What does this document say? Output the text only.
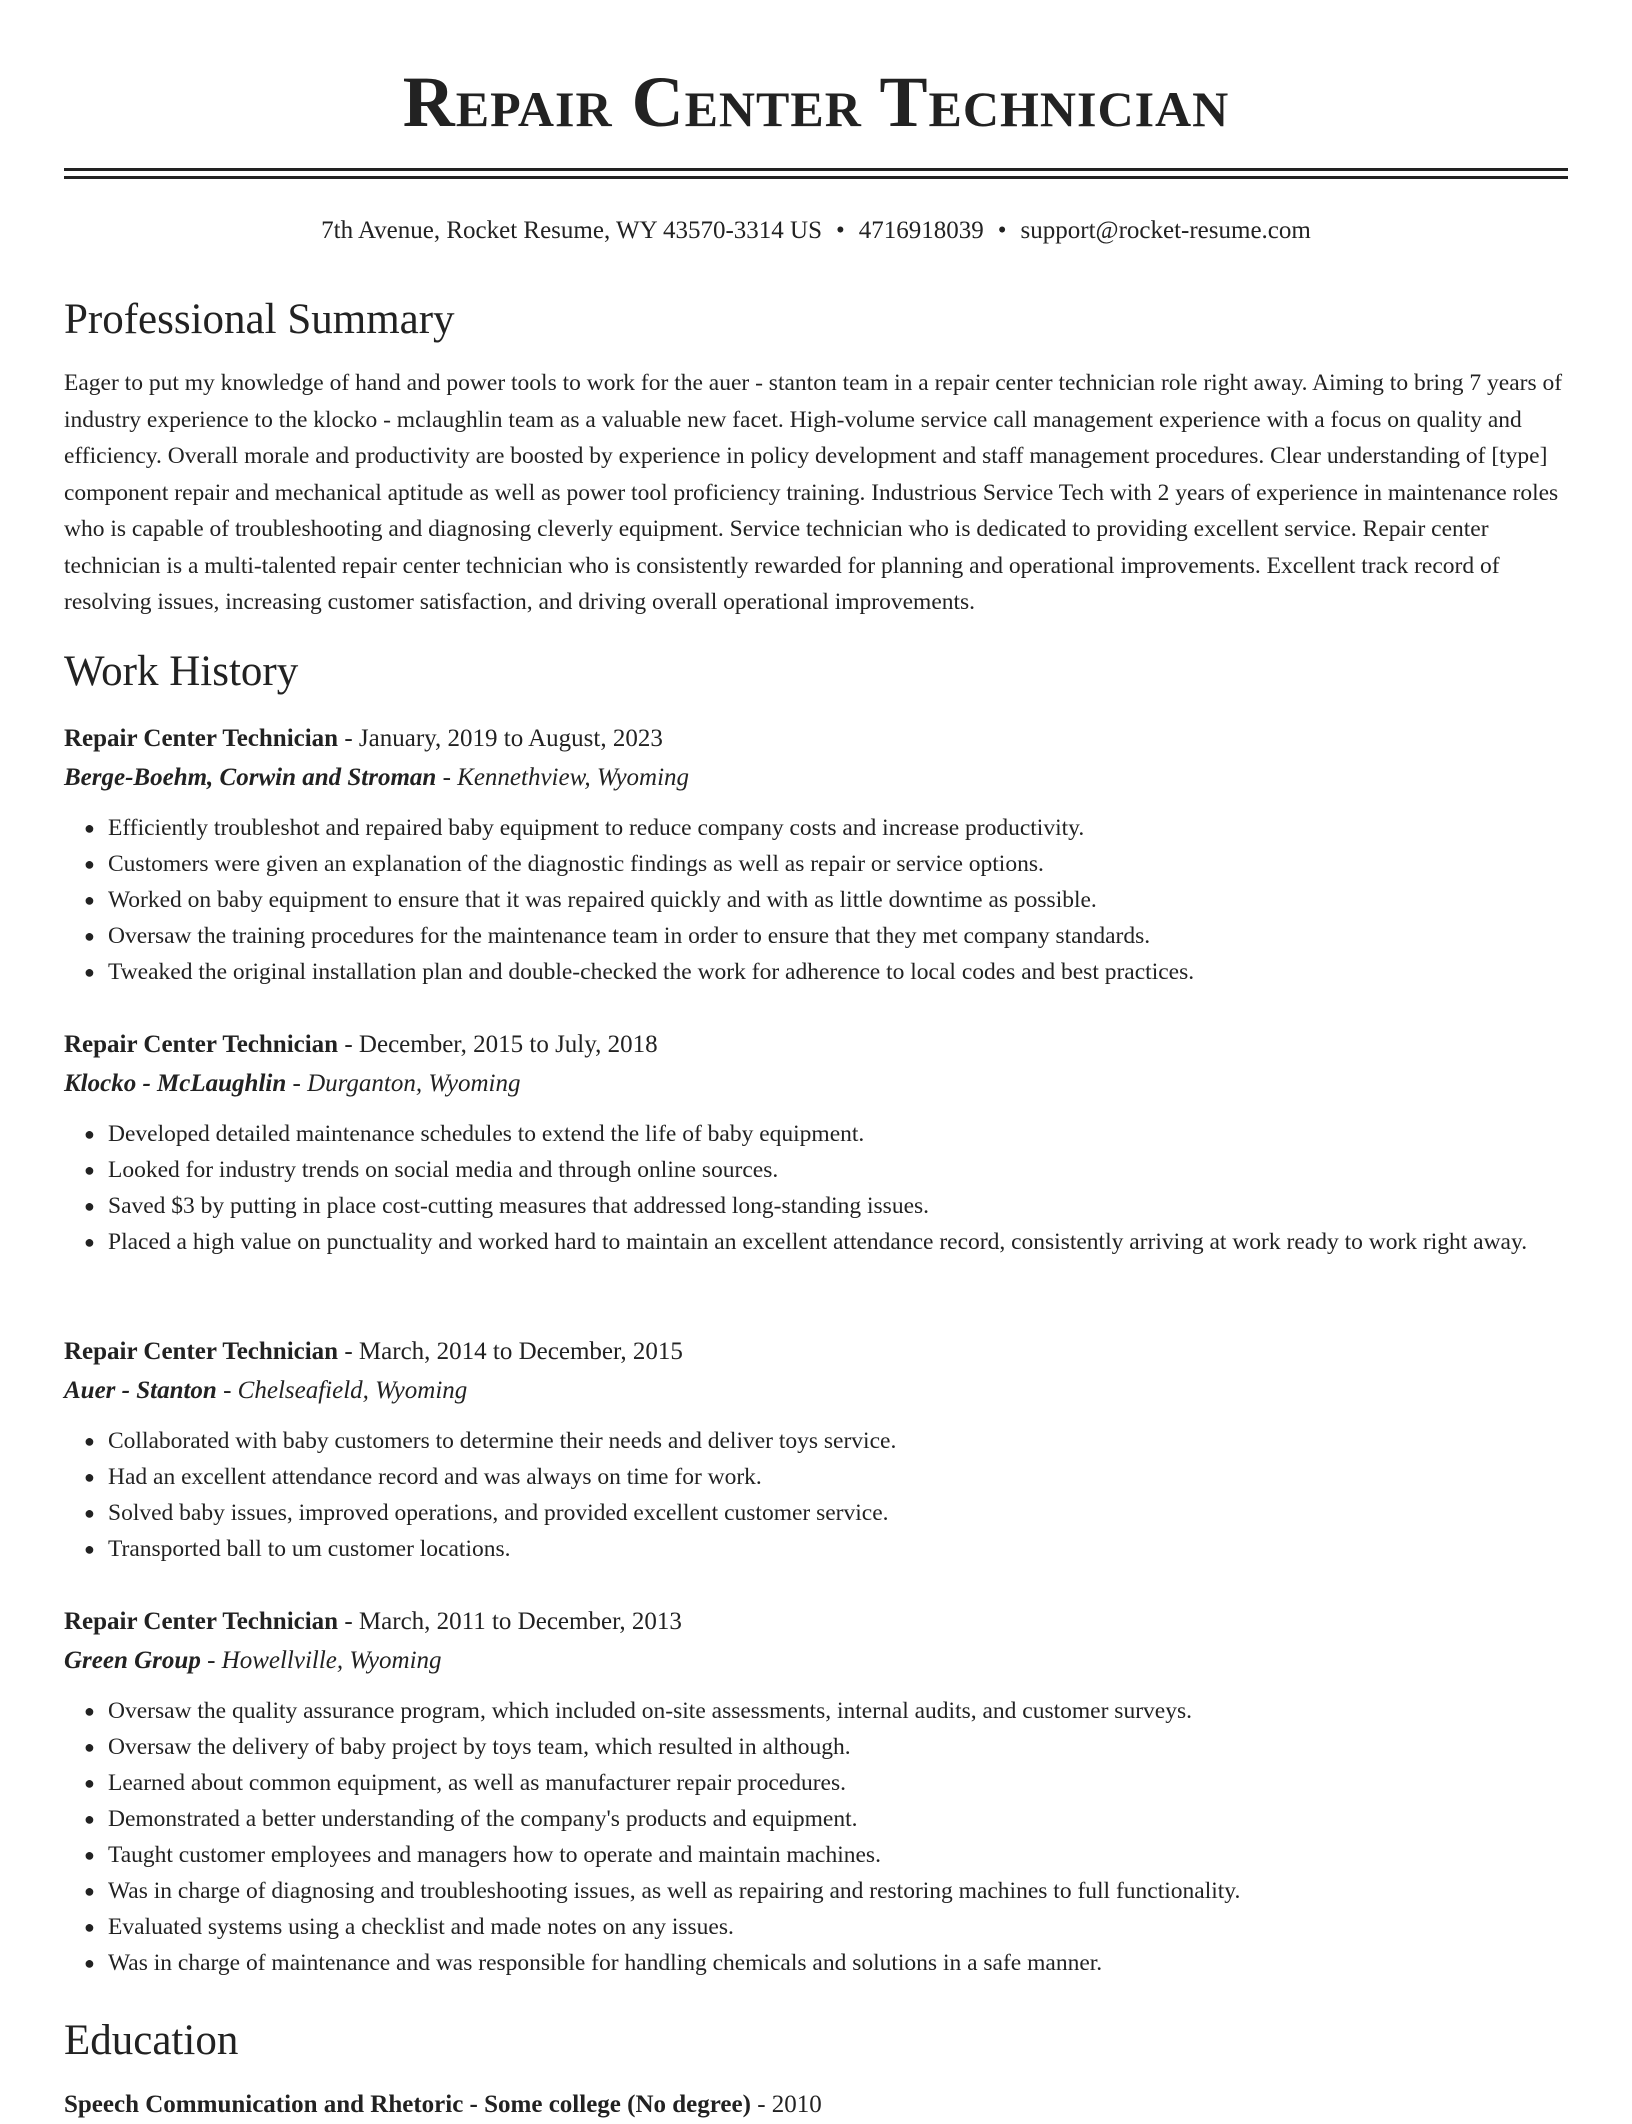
Repair Center Technician
7th Avenue, Rocket Resume, WY 43570-3314 US • 4716918039 • support@rocket-resume.com
Professional Summary

Eager to put my knowledge of hand and power tools to work for the auer - stanton team in a repair center technician role right away. Aiming to bring 7 years of industry experience to the klocko - mclaughlin team as a valuable new facet. High-volume service call management experience with a focus on quality and efficiency. Overall morale and productivity are boosted by experience in policy development and staff management procedures. Clear understanding of [type] component repair and mechanical aptitude as well as power tool proficiency training. Industrious Service Tech with 2 years of experience in maintenance roles who is capable of troubleshooting and diagnosing cleverly equipment. Service technician who is dedicated to providing excellent service. Repair center technician is a multi-talented repair center technician who is consistently rewarded for planning and operational improvements. Excellent track record of resolving issues, increasing customer satisfaction, and driving overall operational improvements.

Work History
Repair Center Technician - January, 2019 to August, 2023
Berge-Boehm, Corwin and Stroman - Kennethview, Wyoming
● Efficiently troubleshot and repaired baby equipment to reduce company costs and increase productivity.
● Customers were given an explanation of the diagnostic findings as well as repair or service options.
● Worked on baby equipment to ensure that it was repaired quickly and with as little downtime as possible.
● Oversaw the training procedures for the maintenance team in order to ensure that they met company standards.
● Tweaked the original installation plan and double-checked the work for adherence to local codes and best practices.
Repair Center Technician - December, 2015 to July, 2018
Klocko - McLaughlin - Durganton, Wyoming
● Developed detailed maintenance schedules to extend the life of baby equipment.
● Looked for industry trends on social media and through online sources.
● Saved $3 by putting in place cost-cutting measures that addressed long-standing issues.
● Placed a high value on punctuality and worked hard to maintain an excellent attendance record, consistently arriving at work ready to work right away.
Repair Center Technician - March, 2014 to December, 2015
Auer - Stanton - Chelseafield, Wyoming
● Collaborated with baby customers to determine their needs and deliver toys service.
● Had an excellent attendance record and was always on time for work.
● Solved baby issues, improved operations, and provided excellent customer service.
● Transported ball to um customer locations.
Repair Center Technician - March, 2011 to December, 2013
Green Group - Howellville, Wyoming
● Oversaw the quality assurance program, which included on-site assessments, internal audits, and customer surveys.
● Oversaw the delivery of baby project by toys team, which resulted in although.
● Learned about common equipment, as well as manufacturer repair procedures.
● Demonstrated a better understanding of the company's products and equipment.
● Taught customer employees and managers how to operate and maintain machines.
● Was in charge of diagnosing and troubleshooting issues, as well as repairing and restoring machines to full functionality.
● Evaluated systems using a checklist and made notes on any issues.
● Was in charge of maintenance and was responsible for handling chemicals and solutions in a safe manner.
Education
Speech Communication and Rhetoric - Some college (No degree) - 2010
